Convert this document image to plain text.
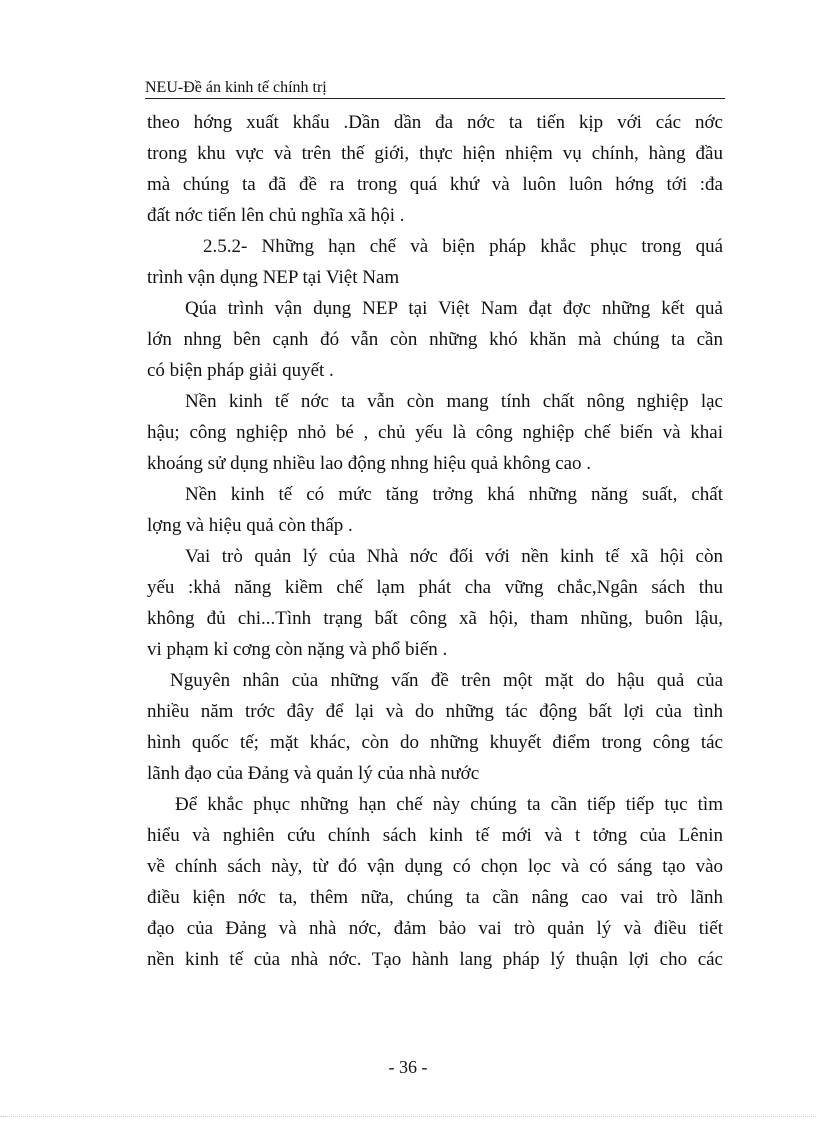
NEU-Đề án kinh tế chính trị
theo hớng xuất khẩu .Dần dần đa nớc ta tiến kịp với các nớc
trong khu vực và trên thế giới, thực hiện nhiệm vụ chính, hàng đầu
mà chúng ta đã đề ra trong quá khứ và luôn luôn hớng tới :đa
đất nớc tiến lên chủ nghĩa xã hội .
2.5.2- Những hạn chế và biện pháp khắc phục trong quá
trình vận dụng NEP tại Việt Nam
Qúa trình vận dụng NEP tại Việt Nam đạt đợc những kết quả
lớn nhng bên cạnh đó vẫn còn những khó khăn mà chúng ta cần
có biện pháp giải quyết .
Nền kinh tế nớc ta vẫn còn mang tính chất nông nghiệp lạc
hậu; công nghiệp nhỏ bé , chủ yếu là công nghiệp chế biến và khai
khoáng sử dụng nhiều lao động nhng hiệu quả không cao .
Nền kinh tế có mức tăng trởng khá những năng suất, chất
lợng và hiệu quả còn thấp .
Vai trò quản lý của Nhà nớc đối với nền kinh tế xã hội còn
yếu :khả năng kiềm chế lạm phát cha vững chắc,Ngân sách thu
không đủ chi...Tình trạng bất công xã hội, tham nhũng, buôn lậu,
vi phạm kỉ cơng còn nặng và phổ biến .
Nguyên nhân của những vấn đề trên một mặt do hậu quả của
nhiều năm trớc đây để lại và do những tác động bất lợi của tình
hình quốc tế; mặt khác, còn do những khuyết điểm trong công tác
lãnh đạo của Đảng và quản lý của nhà nước
Để khắc phục những hạn chế này chúng ta cần tiếp tiếp tục tìm
hiểu và nghiên cứu chính sách kinh tế mới và t tởng của Lênin
về chính sách này, từ đó vận dụng có chọn lọc và có sáng tạo vào
điều kiện nớc ta, thêm nữa, chúng ta cần nâng cao vai trò lãnh
đạo của Đảng và nhà nớc, đảm bảo vai trò quản lý và điều tiết
nền kinh tế của nhà nớc. Tạo hành lang pháp lý thuận lợi cho các
- 36 -
